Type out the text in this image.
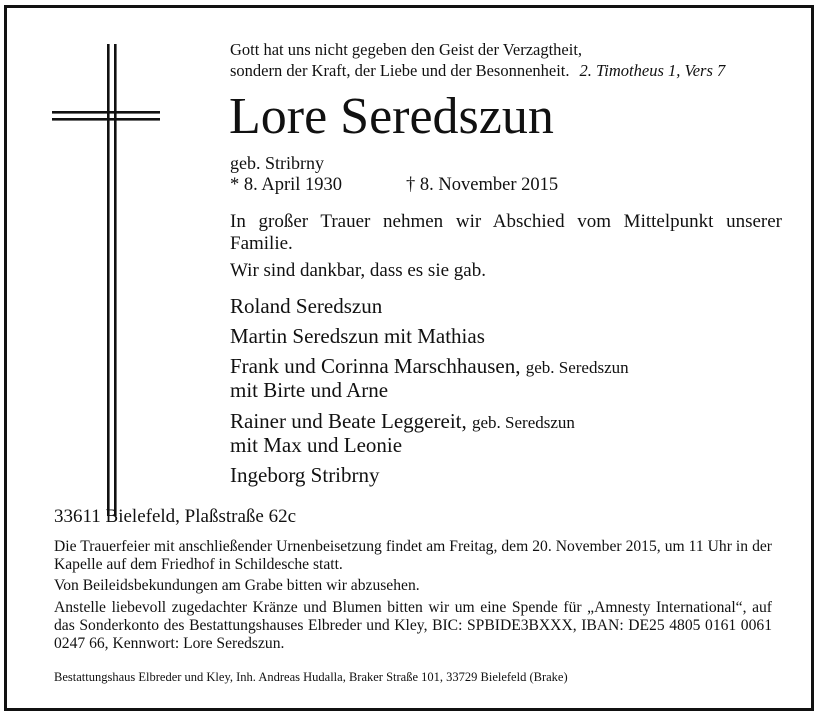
Gott hat uns nicht gegeben den Geist der Verzagtheit,
sondern der Kraft, der Liebe und der Besonnenheit. 2. Timotheus 1, Vers 7
Lore Seredszun
geb. Stribrny
* 8. April 1930	† 8. November 2015
In großer Trauer nehmen wir Abschied vom Mittelpunkt unserer Familie.
Wir sind dankbar, dass es sie gab.
Roland Seredszun
Martin Seredszun mit Mathias
Frank und Corinna Marschhausen, geb. Seredszun
mit Birte und Arne
Rainer und Beate Leggereit, geb. Seredszun
mit Max und Leonie
Ingeborg Stribrny
33611 Bielefeld, Plaßstraße 62c
Die Trauerfeier mit anschließender Urnenbeisetzung findet am Freitag, dem 20. November 2015, um 11 Uhr in der Kapelle auf dem Friedhof in Schildesche statt.
Von Beileidsbekundungen am Grabe bitten wir abzusehen.
Anstelle liebevoll zugedachter Kränze und Blumen bitten wir um eine Spende für „Amnesty International“, auf das Sonderkonto des Bestattungshauses Elbreder und Kley, BIC: SPBIDE3BXXX, IBAN: DE25 4805 0161 0061 0247 66, Kennwort: Lore Seredszun.
Bestattungshaus Elbreder und Kley, Inh. Andreas Hudalla, Braker Straße 101, 33729 Bielefeld (Brake)
